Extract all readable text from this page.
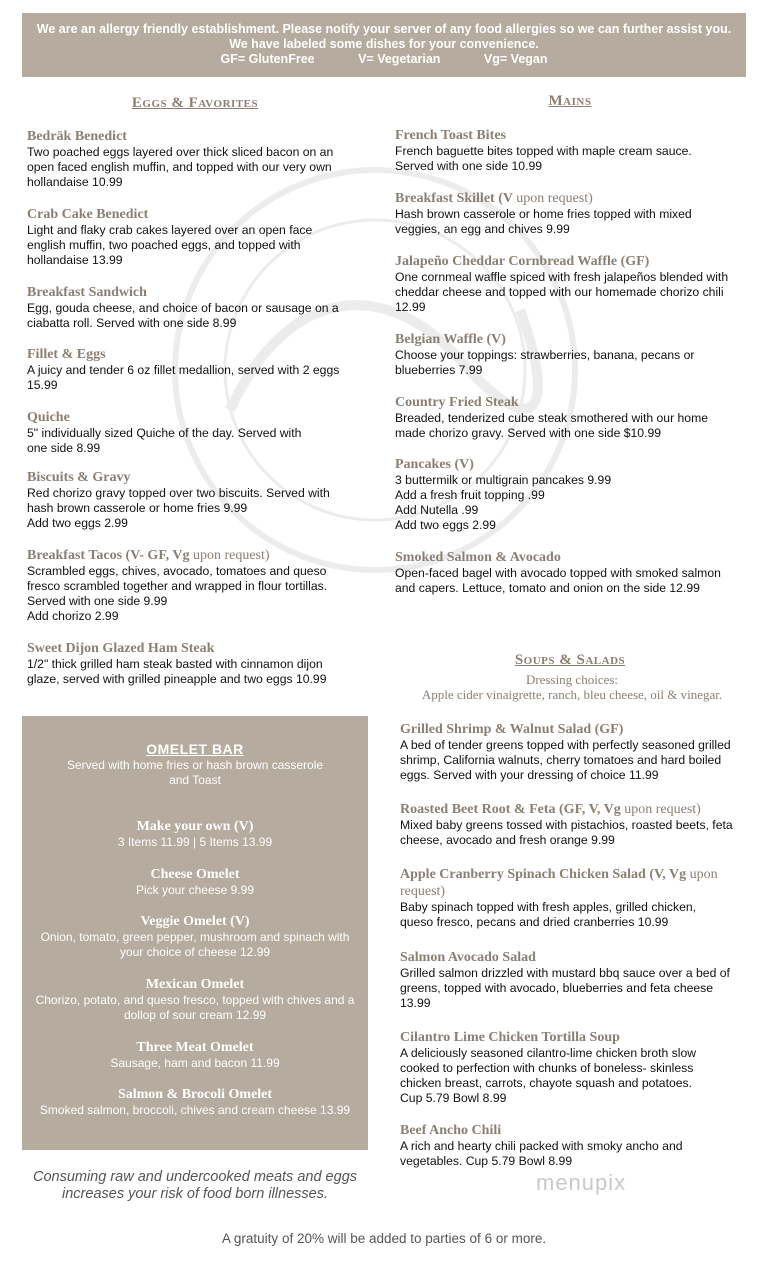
We are an allergy friendly establishment. Please notify your server of any food allergies so we can further assist you.
We have labeled some dishes for your convenience.
GF= GlutenFree	V= Vegetarian	Vg= Vegan
Eggs & Favorites	Mains
Soups & Salads
Dressing choices:
Apple cider vinaigrette, ranch, bleu cheese, oil & vinegar.
Bedräk Benedict
Two poached eggs layered over thick sliced bacon on an
open faced english muffin, and topped with our very own
hollandaise 10.99
Crab Cake Benedict
Light and flaky crab cakes layered over an open face
english muffin, two poached eggs, and topped with
hollandaise 13.99
Breakfast Sandwich
Egg, gouda cheese, and choice of bacon or sausage on a
ciabatta roll. Served with one side 8.99
Fillet & Eggs
A juicy and tender 6 oz fillet medallion, served with 2 eggs
15.99
Quiche
5" individually sized Quiche of the day. Served with
one side 8.99
Biscuits & Gravy
Red chorizo gravy topped over two biscuits. Served with
hash brown casserole or home fries 9.99
Add two eggs 2.99
Breakfast Tacos (V- GF, Vg upon request)
Scrambled eggs, chives, avocado, tomatoes and queso
fresco scrambled together and wrapped in flour tortillas.
Served with one side 9.99
Add chorizo 2.99
Sweet Dijon Glazed Ham Steak
1/2" thick grilled ham steak basted with cinnamon dijon
glaze, served with grilled pineapple and two eggs 10.99
French Toast Bites
French baguette bites topped with maple cream sauce.
Served with one side 10.99
Breakfast Skillet (V upon request)
Hash brown casserole or home fries topped with mixed
veggies, an egg and chives 9.99
Jalapeño Cheddar Cornbread Waffle (GF)
One cornmeal waffle spiced with fresh jalapeños blended with
cheddar cheese and topped with our homemade chorizo chili
12.99
Belgian Waffle (V)
Choose your toppings: strawberries, banana, pecans or
blueberries 7.99
Country Fried Steak
Breaded, tenderized cube steak smothered with our home
made chorizo gravy. Served with one side $10.99
Pancakes (V)
3 buttermilk or multigrain pancakes 9.99
Add a fresh fruit topping .99
Add Nutella .99
Add two eggs 2.99
Smoked Salmon & Avocado
Open-faced bagel with avocado topped with smoked salmon
and capers. Lettuce, tomato and onion on the side 12.99
Grilled Shrimp & Walnut Salad (GF)
A bed of tender greens topped with perfectly seasoned grilled
shrimp, California walnuts, cherry tomatoes and hard boiled
eggs. Served with your dressing of choice 11.99
Roasted Beet Root & Feta (GF, V, Vg upon request)
Mixed baby greens tossed with pistachios, roasted beets, feta
cheese, avocado and fresh orange 9.99
Apple Cranberry Spinach Chicken Salad (V, Vg upon
request)
Baby spinach topped with fresh apples, grilled chicken,
queso fresco, pecans and dried cranberries 10.99
Salmon Avocado Salad
Grilled salmon drizzled with mustard bbq sauce over a bed of
greens, topped with avocado, blueberries and feta cheese
13.99
Cilantro Lime Chicken Tortilla Soup
A deliciously seasoned cilantro-lime chicken broth slow
cooked to perfection with chunks of boneless- skinless
chicken breast, carrots, chayote squash and potatoes.
Cup 5.79 Bowl 8.99
Beef Ancho Chili
A rich and hearty chili packed with smoky ancho and
vegetables. Cup 5.79 Bowl 8.99
OMELET BAR
Served with home fries or hash brown casserole
and Toast
Make your own (V)
3 Items 11.99 | 5 Items 13.99
Cheese Omelet
Pick your cheese 9.99
Veggie Omelet (V)
Onion, tomato, green pepper, mushroom and spinach with your choice of cheese 12.99
Mexican Omelet
Chorizo, potato, and queso fresco, topped with chives and a dollop of sour cream 12.99
Three Meat Omelet
Sausage, ham and bacon 11.99
Salmon & Brocoli Omelet
Smoked salmon, broccoli, chives and cream cheese 13.99
Consuming raw and undercooked meats and eggs
increases your risk of food born illnesses.	menupix
A gratuity of 20% will be added to parties of 6 or more.
